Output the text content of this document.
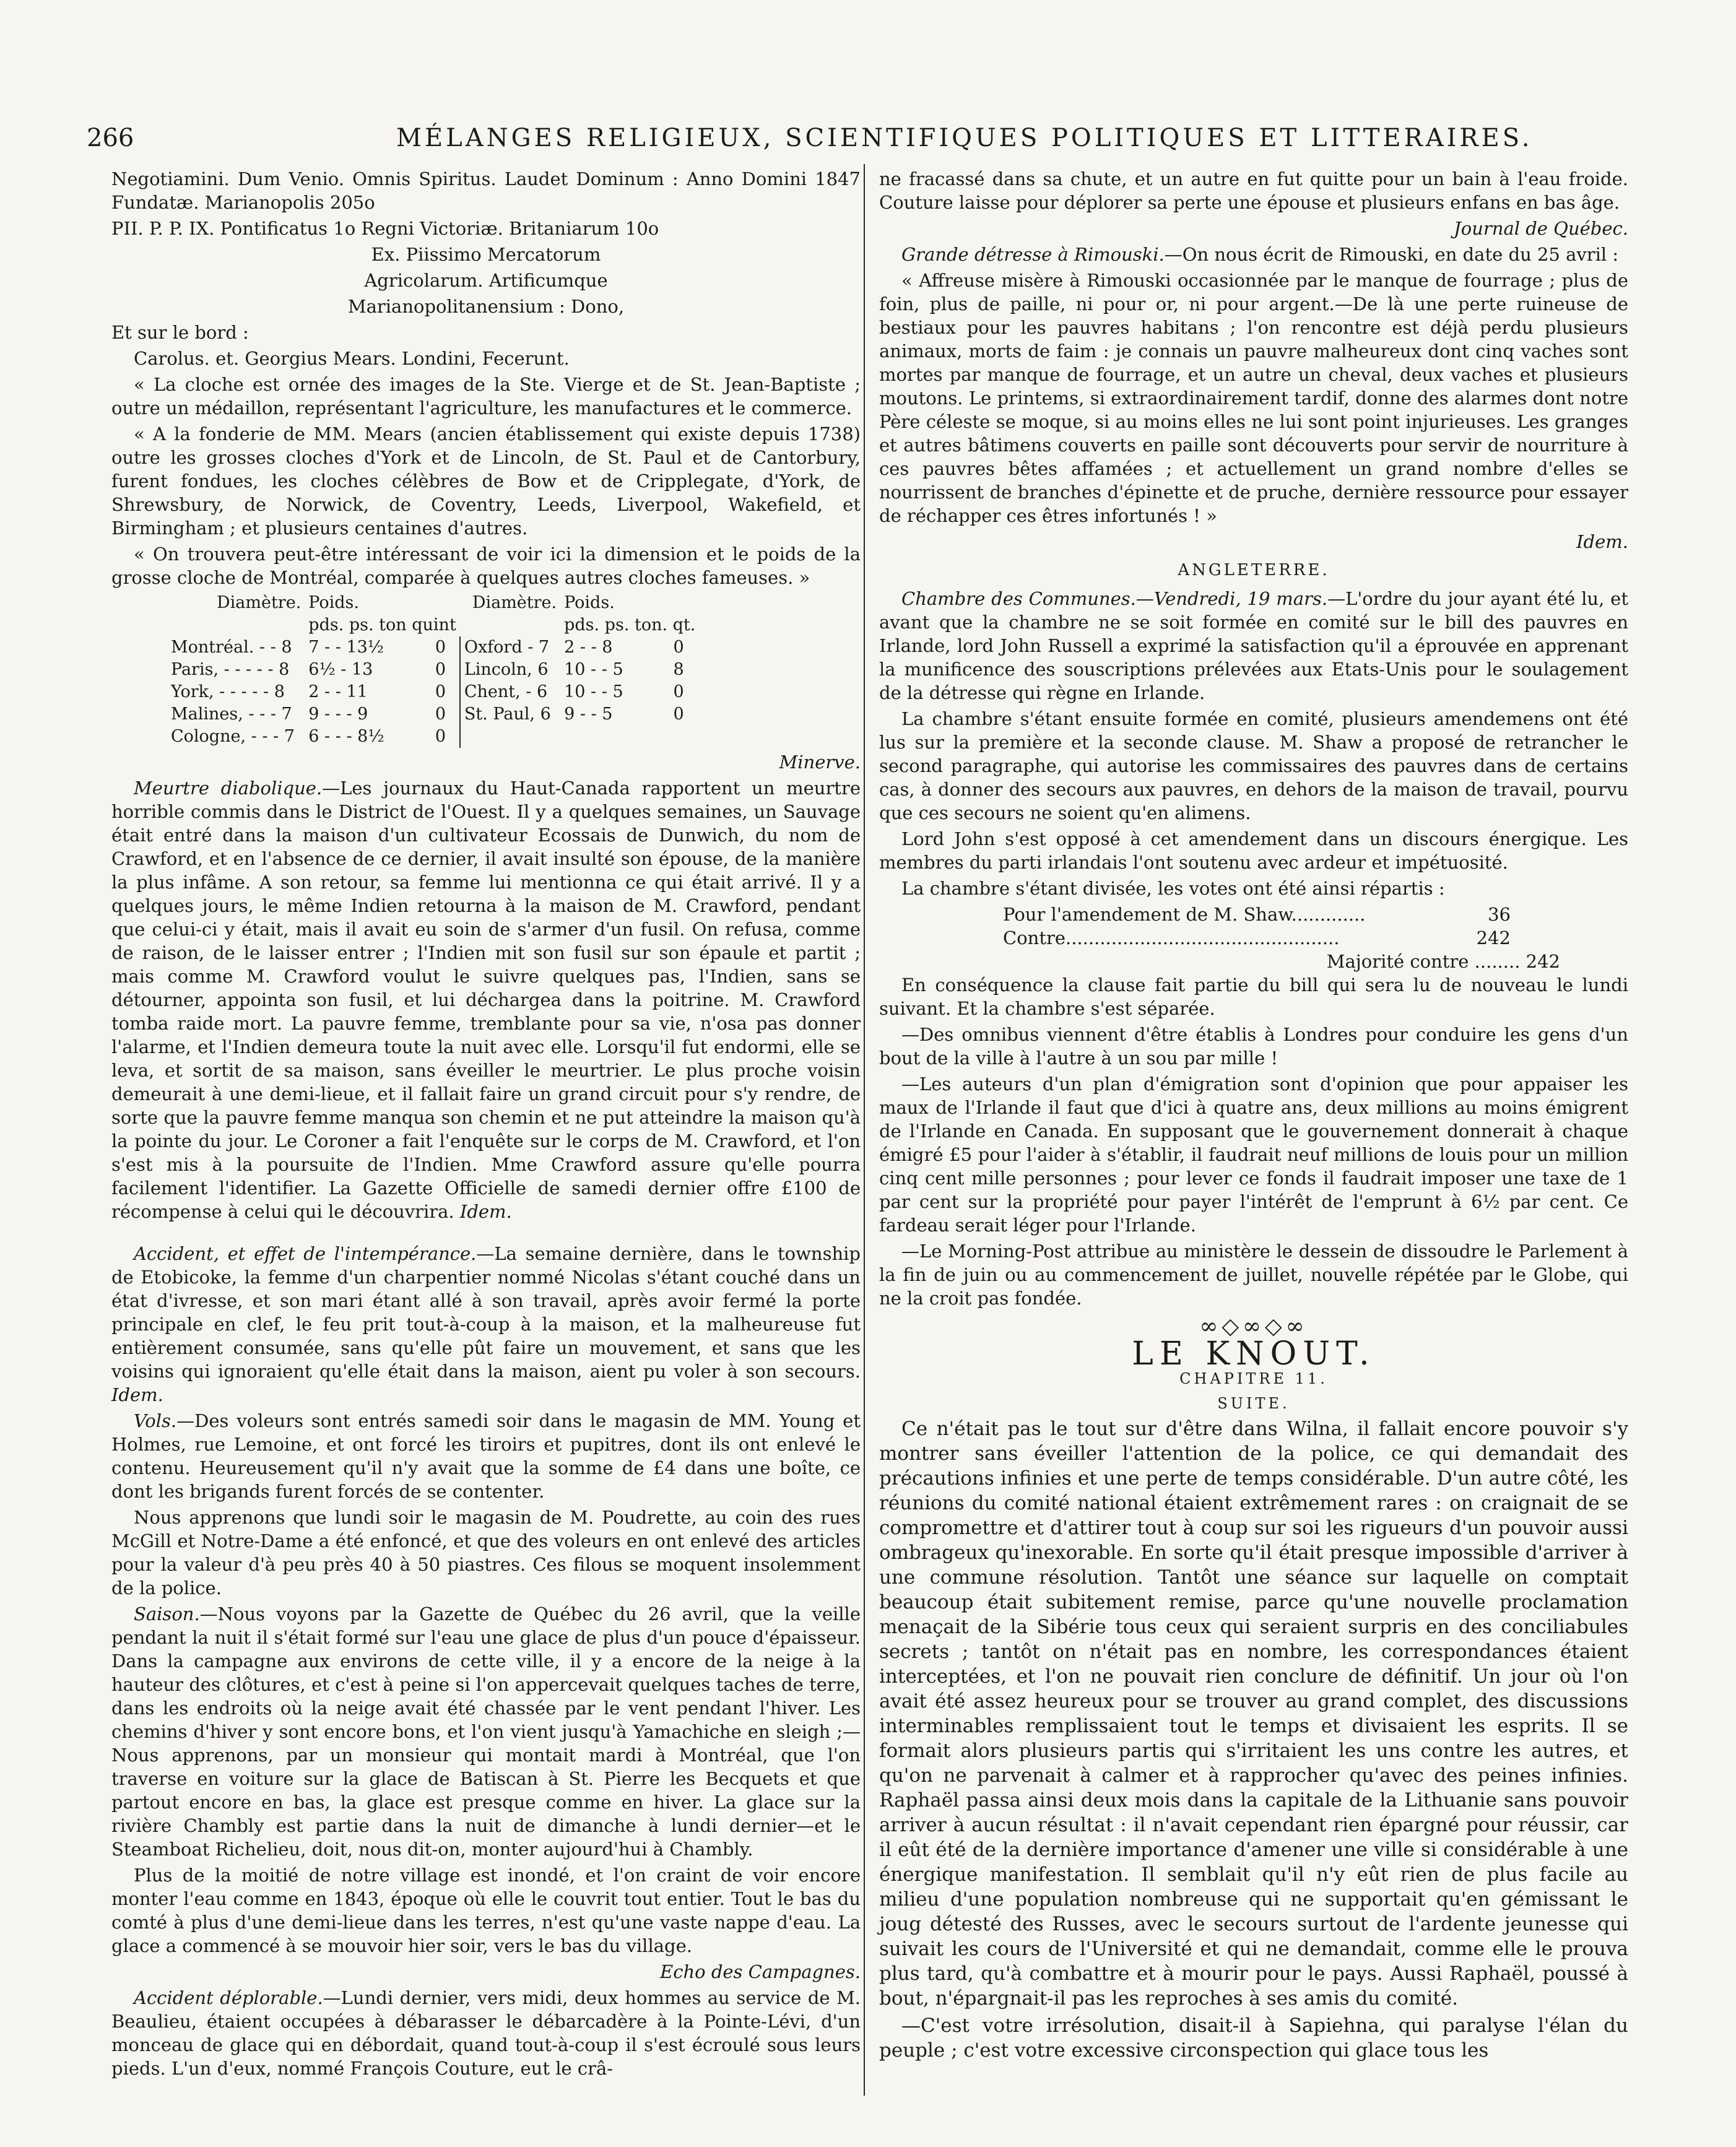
266	MÉLANGES RELIGIEUX, SCIENTIFIQUES POLITIQUES ET LITTERAIRES.

Negotiamini. Dum Venio. Omnis Spiritus. Laudet Dominum : Anno Domini 1847 Fundatæ. Marianopolis 205o

PII. P. P. IX. Pontificatus 1o Regni Victoriæ. Britaniarum 10o

Ex. Piissimo Mercatorum

Agricolarum. Artificumque

Marianopolitanensium : Dono,

Et sur le bord :

Carolus. et. Georgius Mears. Londini, Fecerunt.

« La cloche est ornée des images de la Ste. Vierge et de St. Jean-Baptiste ; outre un médaillon, représentant l'agriculture, les manufactures et le commerce.

« A la fonderie de MM. Mears (ancien établissement qui existe depuis 1738) outre les grosses cloches d'York et de Lincoln, de St. Paul et de Cantorbury, furent fondues, les cloches célèbres de Bow et de Cripplegate, d'York, de Shrewsbury, de Norwick, de Coventry, Leeds, Liverpool, Wakefield, et Birmingham ; et plusieurs centaines d'autres.

« On trouvera peut-être intéressant de voir ici la dimension et le poids de la grosse cloche de Montréal, comparée à quelques autres cloches fameuses. »

Diamètre.	Poids.		Diamètre.	Poids.	
	pds. ps. ton quint			pds. ps. ton. qt.	
Montréal. - - 8	7 - - 13½	0	Oxford - 7	2 - - 8	0
Paris, - - - - - 8	6½ - 13	0	Lincoln, 6	10 - - 5	8
York, - - - - - 8	2 - - 11	0	Chent, - 6	10 - - 5	0
Malines, - - - 7	9 - - - 9	0	St. Paul, 6	9 - - 5	0
Cologne, - - - 7	6 - - - 8½	0			

Minerve.

Meurtre diabolique.—Les journaux du Haut-Canada rapportent un meurtre horrible commis dans le District de l'Ouest. Il y a quelques semaines, un Sauvage était entré dans la maison d'un cultivateur Ecossais de Dunwich, du nom de Crawford, et en l'absence de ce dernier, il avait insulté son épouse, de la manière la plus infâme. A son retour, sa femme lui mentionna ce qui était arrivé. Il y a quelques jours, le même Indien retourna à la maison de M. Crawford, pendant que celui-ci y était, mais il avait eu soin de s'armer d'un fusil. On refusa, comme de raison, de le laisser entrer ; l'Indien mit son fusil sur son épaule et partit ; mais comme M. Crawford voulut le suivre quelques pas, l'Indien, sans se détourner, appointa son fusil, et lui déchargea dans la poitrine. M. Crawford tomba raide mort. La pauvre femme, tremblante pour sa vie, n'osa pas donner l'alarme, et l'Indien demeura toute la nuit avec elle. Lorsqu'il fut endormi, elle se leva, et sortit de sa maison, sans éveiller le meurtrier. Le plus proche voisin demeurait à une demi-lieue, et il fallait faire un grand circuit pour s'y rendre, de sorte que la pauvre femme manqua son chemin et ne put atteindre la maison qu'à la pointe du jour. Le Coroner a fait l'enquête sur le corps de M. Crawford, et l'on s'est mis à la poursuite de l'Indien. Mme Crawford assure qu'elle pourra facilement l'identifier. La Gazette Officielle de samedi dernier offre £100 de récompense à celui qui le découvrira. Idem.

Accident, et effet de l'intempérance.—La semaine dernière, dans le township de Etobicoke, la femme d'un charpentier nommé Nicolas s'étant couché dans un état d'ivresse, et son mari étant allé à son travail, après avoir fermé la porte principale en clef, le feu prit tout-à-coup à la maison, et la malheureuse fut entièrement consumée, sans qu'elle pût faire un mouvement, et sans que les voisins qui ignoraient qu'elle était dans la maison, aient pu voler à son secours. Idem.

Vols.—Des voleurs sont entrés samedi soir dans le magasin de MM. Young et Holmes, rue Lemoine, et ont forcé les tiroirs et pupitres, dont ils ont enlevé le contenu. Heureusement qu'il n'y avait que la somme de £4 dans une boîte, ce dont les brigands furent forcés de se contenter.

Nous apprenons que lundi soir le magasin de M. Poudrette, au coin des rues McGill et Notre-Dame a été enfoncé, et que des voleurs en ont enlevé des articles pour la valeur d'à peu près 40 à 50 piastres. Ces filous se moquent insolemment de la police.

Saison.—Nous voyons par la Gazette de Québec du 26 avril, que la veille pendant la nuit il s'était formé sur l'eau une glace de plus d'un pouce d'épaisseur. Dans la campagne aux environs de cette ville, il y a encore de la neige à la hauteur des clôtures, et c'est à peine si l'on appercevait quelques taches de terre, dans les endroits où la neige avait été chassée par le vent pendant l'hiver. Les chemins d'hiver y sont encore bons, et l'on vient jusqu'à Yamachiche en sleigh ;—Nous apprenons, par un monsieur qui montait mardi à Montréal, que l'on traverse en voiture sur la glace de Batiscan à St. Pierre les Becquets et que partout encore en bas, la glace est presque comme en hiver. La glace sur la rivière Chambly est partie dans la nuit de dimanche à lundi dernier—et le Steamboat Richelieu, doit, nous dit-on, monter aujourd'hui à Chambly.

Plus de la moitié de notre village est inondé, et l'on craint de voir encore monter l'eau comme en 1843, époque où elle le couvrit tout entier. Tout le bas du comté à plus d'une demi-lieue dans les terres, n'est qu'une vaste nappe d'eau. La glace a commencé à se mouvoir hier soir, vers le bas du village.

Echo des Campagnes.

Accident déplorable.—Lundi dernier, vers midi, deux hommes au service de M. Beaulieu, étaient occupées à débarasser le débarcadère à la Pointe-Lévi, d'un monceau de glace qui en débordait, quand tout-à-coup il s'est écroulé sous leurs pieds. L'un d'eux, nommé François Couture, eut le crâ-

ne fracassé dans sa chute, et un autre en fut quitte pour un bain à l'eau froide. Couture laisse pour déplorer sa perte une épouse et plusieurs enfans en bas âge.

Journal de Québec.

Grande détresse à Rimouski.—On nous écrit de Rimouski, en date du 25 avril :

« Affreuse misère à Rimouski occasionnée par le manque de fourrage ; plus de foin, plus de paille, ni pour or, ni pour argent.—De là une perte ruineuse de bestiaux pour les pauvres habitans ; l'on rencontre est déjà perdu plusieurs animaux, morts de faim : je connais un pauvre malheureux dont cinq vaches sont mortes par manque de fourrage, et un autre un cheval, deux vaches et plusieurs moutons. Le printems, si extraordinairement tardif, donne des alarmes dont notre Père céleste se moque, si au moins elles ne lui sont point injurieuses. Les granges et autres bâtimens couverts en paille sont découverts pour servir de nourriture à ces pauvres bêtes affamées ; et actuellement un grand nombre d'elles se nourrissent de branches d'épinette et de pruche, dernière ressource pour essayer de réchapper ces êtres infortunés ! »

Idem.

ANGLETERRE.

Chambre des Communes.—Vendredi, 19 mars.—L'ordre du jour ayant été lu, et avant que la chambre ne se soit formée en comité sur le bill des pauvres en Irlande, lord John Russell a exprimé la satisfaction qu'il a éprouvée en apprenant la munificence des souscriptions prélevées aux Etats-Unis pour le soulagement de la détresse qui règne en Irlande.

La chambre s'étant ensuite formée en comité, plusieurs amendemens ont été lus sur la première et la seconde clause. M. Shaw a proposé de retrancher le second paragraphe, qui autorise les commissaires des pauvres dans de certains cas, à donner des secours aux pauvres, en dehors de la maison de travail, pourvu que ces secours ne soient qu'en alimens.

Lord John s'est opposé à cet amendement dans un discours énergique. Les membres du parti irlandais l'ont soutenu avec ardeur et impétuosité.

La chambre s'étant divisée, les votes ont été ainsi répartis :

Pour l'amendement de M. Shaw.............	36
Contre................................................	242
Majorité contre ........ 242

En conséquence la clause fait partie du bill qui sera lu de nouveau le lundi suivant. Et la chambre s'est séparée.

—Des omnibus viennent d'être établis à Londres pour conduire les gens d'un bout de la ville à l'autre à un sou par mille !

—Les auteurs d'un plan d'émigration sont d'opinion que pour appaiser les maux de l'Irlande il faut que d'ici à quatre ans, deux millions au moins émigrent de l'Irlande en Canada. En supposant que le gouvernement donnerait à chaque émigré £5 pour l'aider à s'établir, il faudrait neuf millions de louis pour un million cinq cent mille personnes ; pour lever ce fonds il faudrait imposer une taxe de 1 par cent sur la propriété pour payer l'intérêt de l'emprunt à 6½ par cent. Ce fardeau serait léger pour l'Irlande.

—Le Morning-Post attribue au ministère le dessein de dissoudre le Parlement à la fin de juin ou au commencement de juillet, nouvelle répétée par le Globe, qui ne la croit pas fondée.

∞◇∞◇∞
LE KNOUT.
CHAPITRE 11.
SUITE.

Ce n'était pas le tout sur d'être dans Wilna, il fallait encore pouvoir s'y montrer sans éveiller l'attention de la police, ce qui demandait des précautions infinies et une perte de temps considérable. D'un autre côté, les réunions du comité national étaient extrêmement rares : on craignait de se compromettre et d'attirer tout à coup sur soi les rigueurs d'un pouvoir aussi ombrageux qu'inexorable. En sorte qu'il était presque impossible d'arriver à une commune résolution. Tantôt une séance sur laquelle on comptait beaucoup était subitement remise, parce qu'une nouvelle proclamation menaçait de la Sibérie tous ceux qui seraient surpris en des conciliabules secrets ; tantôt on n'était pas en nombre, les correspondances étaient interceptées, et l'on ne pouvait rien conclure de définitif. Un jour où l'on avait été assez heureux pour se trouver au grand complet, des discussions interminables remplissaient tout le temps et divisaient les esprits. Il se formait alors plusieurs partis qui s'irritaient les uns contre les autres, et qu'on ne parvenait à calmer et à rapprocher qu'avec des peines infinies. Raphaël passa ainsi deux mois dans la capitale de la Lithuanie sans pouvoir arriver à aucun résultat : il n'avait cependant rien épargné pour réussir, car il eût été de la dernière importance d'amener une ville si considérable à une énergique manifestation. Il semblait qu'il n'y eût rien de plus facile au milieu d'une population nombreuse qui ne supportait qu'en gémissant le joug détesté des Russes, avec le secours surtout de l'ardente jeunesse qui suivait les cours de l'Université et qui ne demandait, comme elle le prouva plus tard, qu'à combattre et à mourir pour le pays. Aussi Raphaël, poussé à bout, n'épargnait-il pas les reproches à ses amis du comité.

—C'est votre irrésolution, disait-il à Sapiehna, qui paralyse l'élan du peuple ; c'est votre excessive circonspection qui glace tous les
